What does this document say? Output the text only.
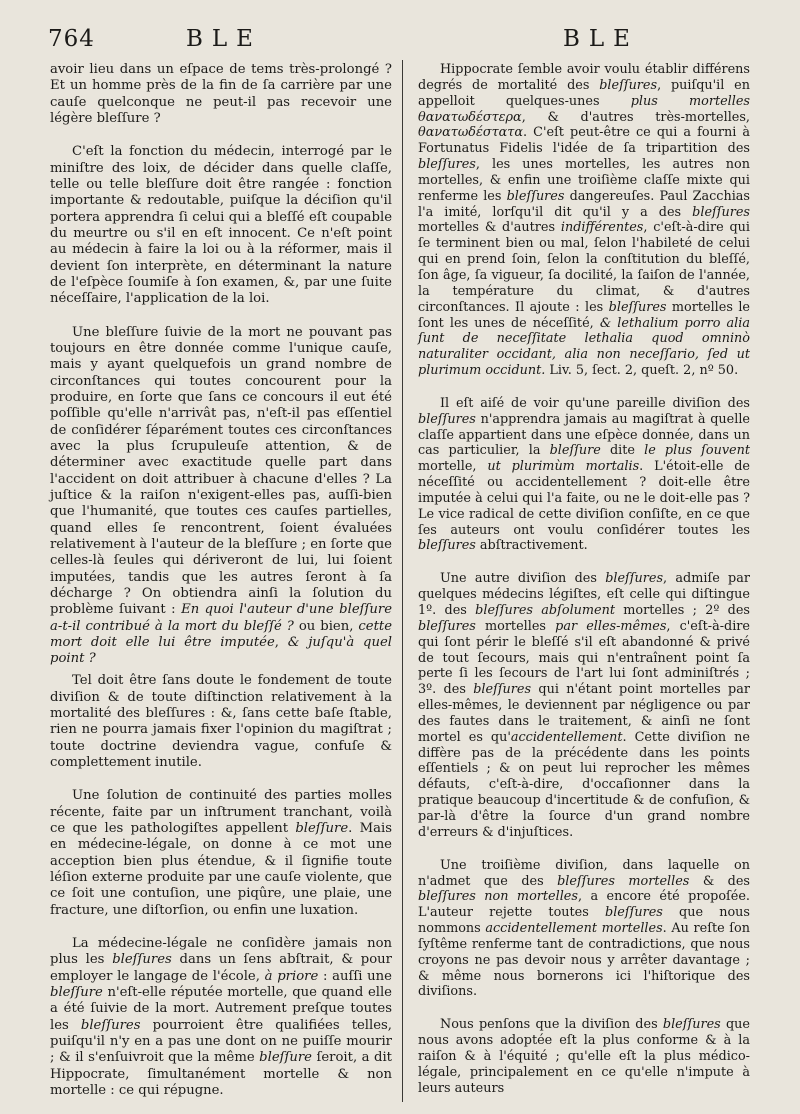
764	BLE	BLE

avoir lieu dans un eſpace de tems très-prolongé ? Et un homme près de la fin de ſa carrière par une cauſe quelconque ne peut-il pas recevoir une légère bleſſure ?

C'eſt la fonction du médecin, interrogé par le miniſtre des loix, de décider dans quelle claſſe, telle ou telle bleſſure doit être rangée : fonction importante & redoutable, puiſque la déciſion qu'il portera apprendra ſi celui qui a bleſſé eſt coupable du meurtre ou s'il en eſt innocent. Ce n'eſt point au médecin à faire la loi ou à la réformer, mais il devient ſon interprète, en déterminant la nature de l'eſpèce ſoumiſe à ſon examen, &, par une ſuite néceſſaire, l'application de la loi.

Une bleſſure ſuivie de la mort ne pouvant pas toujours en être donnée comme l'unique cauſe, mais y ayant quelquefois un grand nombre de circonſtances qui toutes concourent pour la produire, en ſorte que ſans ce concours il eut été poſſible qu'elle n'arrivât pas, n'eſt-il pas eſſentiel de conſidérer ſéparément toutes ces circonſtances avec la plus ſcrupuleuſe attention, & de déterminer avec exactitude quelle part dans l'accident on doit attribuer à chacune d'elles ? La juſtice & la raiſon n'exigent-elles pas, auſſi-bien que l'humanité, que toutes ces cauſes partielles, quand elles ſe rencontrent, ſoient évaluées relativement à l'auteur de la bleſſure ; en ſorte que celles-là ſeules qui dériveront de lui, lui ſoient imputées, tandis que les autres ſeront à ſa décharge ? On obtiendra ainſi la ſolution du problème ſuivant : En quoi l'auteur d'une bleſſure a-t-il contribué à la mort du bleſſé ? ou bien, cette mort doit elle lui être imputée, & juſqu'à quel point ?

Tel doit être ſans doute le fondement de toute diviſion & de toute diſtinction relativement à la mortalité des bleſſures : &, ſans cette baſe ſtable, rien ne pourra jamais fixer l'opinion du magiſtrat ; toute doctrine deviendra vague, confuſe & complettement inutile.

Une ſolution de continuité des parties molles récente, faite par un inſtrument tranchant, voilà ce que les pathologiſtes appellent bleſſure. Mais en médecine-légale, on donne à ce mot une acception bien plus étendue, & il ſignifie toute léſion externe produite par une cauſe violente, que ce ſoit une contuſion, une piqûre, une plaie, une fracture, une diſtorſion, ou enfin une luxation.

La médecine-légale ne conſidère jamais non plus les bleſſures dans un ſens abſtrait, & pour employer le langage de l'école, à priore : auſſi une bleſſure n'eſt-elle réputée mortelle, que quand elle a été ſuivie de la mort. Autrement preſque toutes les bleſſures pourroient être qualifiées telles, puiſqu'il n'y en a pas une dont on ne puiſſe mourir ; & il s'enſuivroit que la même bleſſure ſeroit, a dit Hippocrate, ſimultanément mortelle & non mortelle : ce qui répugne.

Hippocrate ſemble avoir voulu établir différens degrés de mortalité des bleſſures, puiſqu'il en appelloit quelques-unes plus mortelles θανατωδέστερα, & d'autres très-mortelles, θανατωδέστατα. C'eſt peut-être ce qui a fourni à Fortunatus Fidelis l'idée de ſa tripartition des bleſſures, les unes mortelles, les autres non mortelles, & enfin une troiſième claſſe mixte qui renferme les bleſſures dangereuſes. Paul Zacchias l'a imité, lorſqu'il dit qu'il y a des bleſſures mortelles & d'autres indifférentes, c'eſt-à-dire qui ſe terminent bien ou mal, ſelon l'habileté de celui qui en prend ſoin, ſelon la conſtitution du bleſſé, ſon âge, ſa vigueur, ſa docilité, la ſaiſon de l'année, la température du climat, & d'autres circonſtances. Il ajoute : les bleſſures mortelles le ſont les unes de néceſſité, & lethalium porro alia ſunt de neceſſitate lethalia quod omninò naturaliter occidant, alia non neceſſario, ſed ut plurimum occidunt. Liv. 5, ſect. 2, queſt. 2, nº 50.

Il eſt aiſé de voir qu'une pareille diviſion des bleſſures n'apprendra jamais au magiſtrat à quelle claſſe appartient dans une eſpèce donnée, dans un cas particulier, la bleſſure dite le plus ſouvent mortelle, ut plurimùm mortalis. L'étoit-elle de néceſſité ou accidentellement ? doit-elle être imputée à celui qui l'a faite, ou ne le doit-elle pas ? Le vice radical de cette diviſion conſiſte, en ce que ſes auteurs ont voulu conſidérer toutes les bleſſures abſtractivement.

Une autre diviſion des bleſſures, admiſe par quelques médecins légiſtes, eſt celle qui diſtingue 1º. des bleſſures abſolument mortelles ; 2º des bleſſures mortelles par elles-mêmes, c'eſt-à-dire qui ſont périr le bleſſé s'il eſt abandonné & privé de tout ſecours, mais qui n'entraînent point ſa perte ſi les ſecours de l'art lui ſont adminiſtrés ; 3º. des bleſſures qui n'étant point mortelles par elles-mêmes, le deviennent par négligence ou par des fautes dans le traitement, & ainſi ne ſont mortel es qu'accidentellement. Cette diviſion ne diffère pas de la précédente dans les points eſſentiels ; & on peut lui reprocher les mêmes défauts, c'eſt-à-dire, d'occaſionner dans la pratique beaucoup d'incertitude & de confuſion, & par-là d'être la ſource d'un grand nombre d'erreurs & d'injuſtices.

Une troiſième diviſion, dans laquelle on n'admet que des bleſſures mortelles & des bleſſures non mortelles, a encore été propoſée. L'auteur rejette toutes bleſſures que nous nommons accidentellement mortelles. Au reſte ſon ſyſtême renferme tant de contradictions, que nous croyons ne pas devoir nous y arrêter davantage ; & même nous bornerons ici l'hiſtorique des diviſions.

Nous penſons que la diviſion des bleſſures que nous avons adoptée eſt la plus conforme & à la raiſon & à l'équité ; qu'elle eſt la plus médico-légale, principalement en ce qu'elle n'impute à leurs auteurs
